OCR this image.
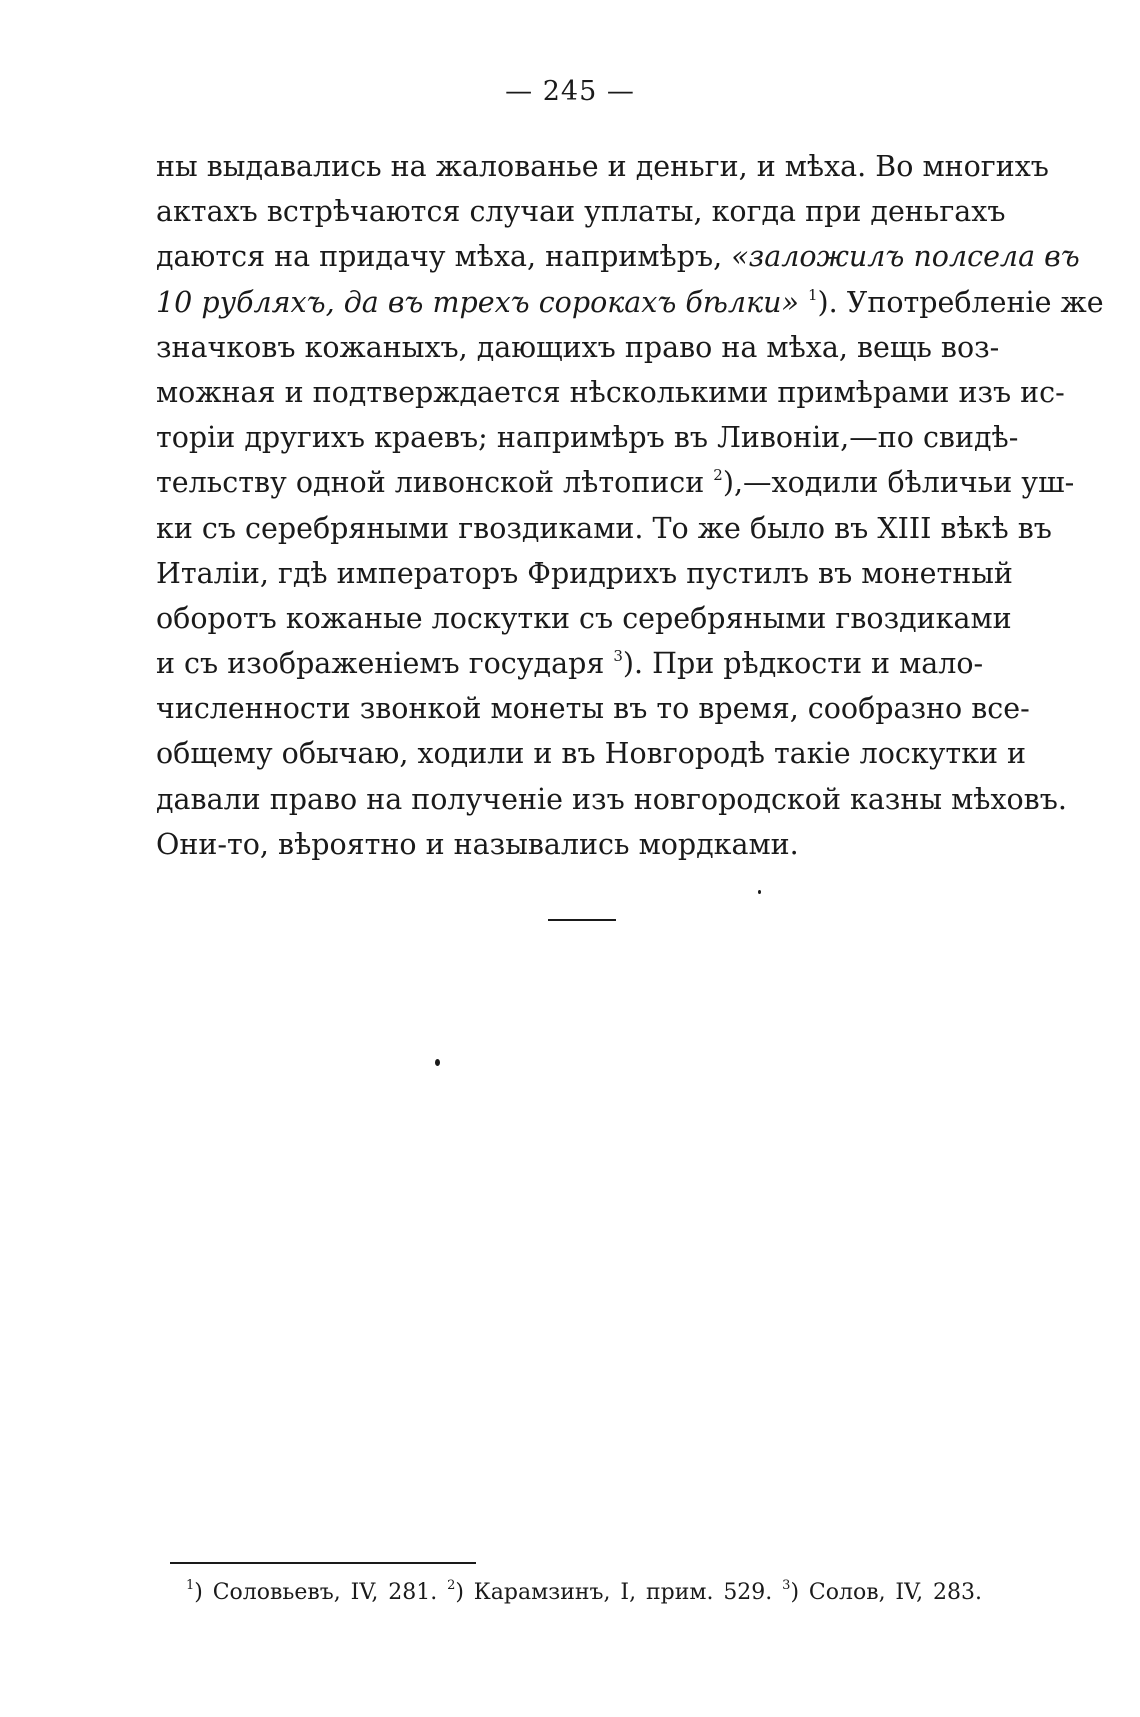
— 245 —
ны выдавались на жалованье и деньги, и мѣха. Во многихъ
актахъ встрѣчаются случаи уплаты, когда при деньгахъ
даются на придачу мѣха, напримѣръ, «заложилъ полсела въ
10 рубляхъ, да въ трехъ сорокахъ бѣлки» $^1$). Употребленіе же
значковъ кожаныхъ, дающихъ право на мѣха, вещь воз-
можная и подтверждается нѣсколькими примѣрами изъ ис-
торіи другихъ краевъ; напримѣръ въ Ливоніи,—по свидѣ-
тельству одной ливонской лѣтописи $^2$),—ходили бѣличьи уш-
ки съ серебряными гвоздиками. То же было въ XIII вѣкѣ въ
Италіи, гдѣ императоръ Фридрихъ пустилъ въ монетный
оборотъ кожаные лоскутки съ серебряными гвоздиками
и съ изображеніемъ государя $^3$). При рѣдкости и мало-
численности звонкой монеты въ то время, сообразно все-
общему обычаю, ходили и въ Новгородѣ такіе лоскутки и
давали право на полученіе изъ новгородской казны мѣховъ.
Они-то, вѣроятно и назывались мордками.
$^1$) Соловьевъ, IV, 281. $^2$) Карамзинъ, I, прим. 529. $^3$) Солов, IV, 283.
